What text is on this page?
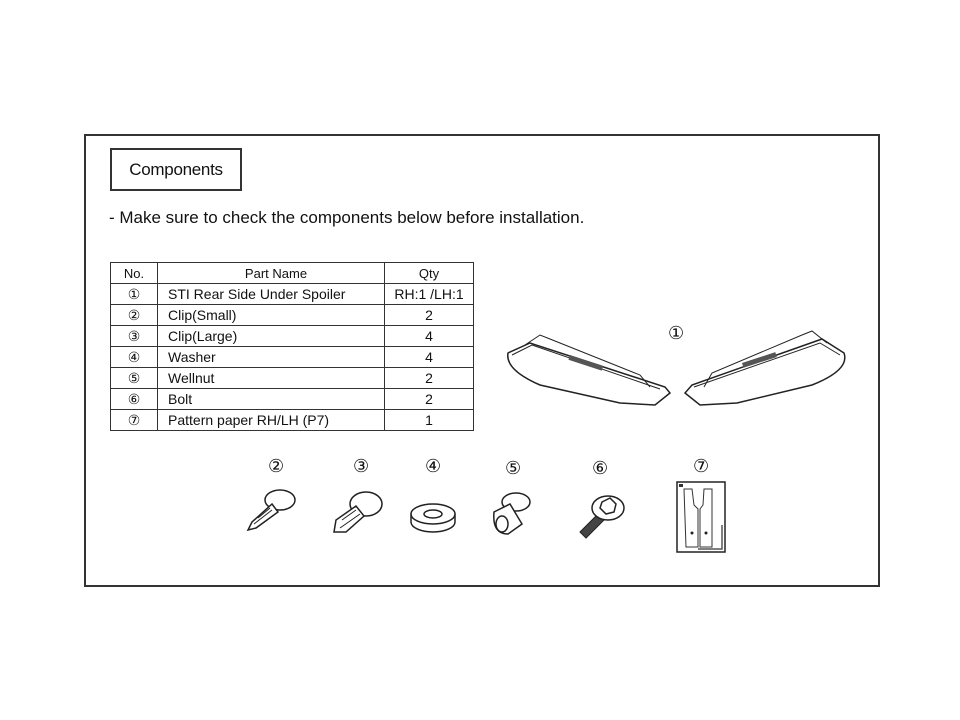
Components
- Make sure to check the components below before installation.
No.	Part Name	Qty
①	STI Rear Side Under Spoiler	RH:1 /LH:1
②	Clip(Small)	2
③	Clip(Large)	4
④	Washer	4
⑤	Wellnut	2
⑥	Bolt	2
⑦	Pattern paper RH/LH (P7)	1
①
②	③	④	⑤	⑥	⑦
